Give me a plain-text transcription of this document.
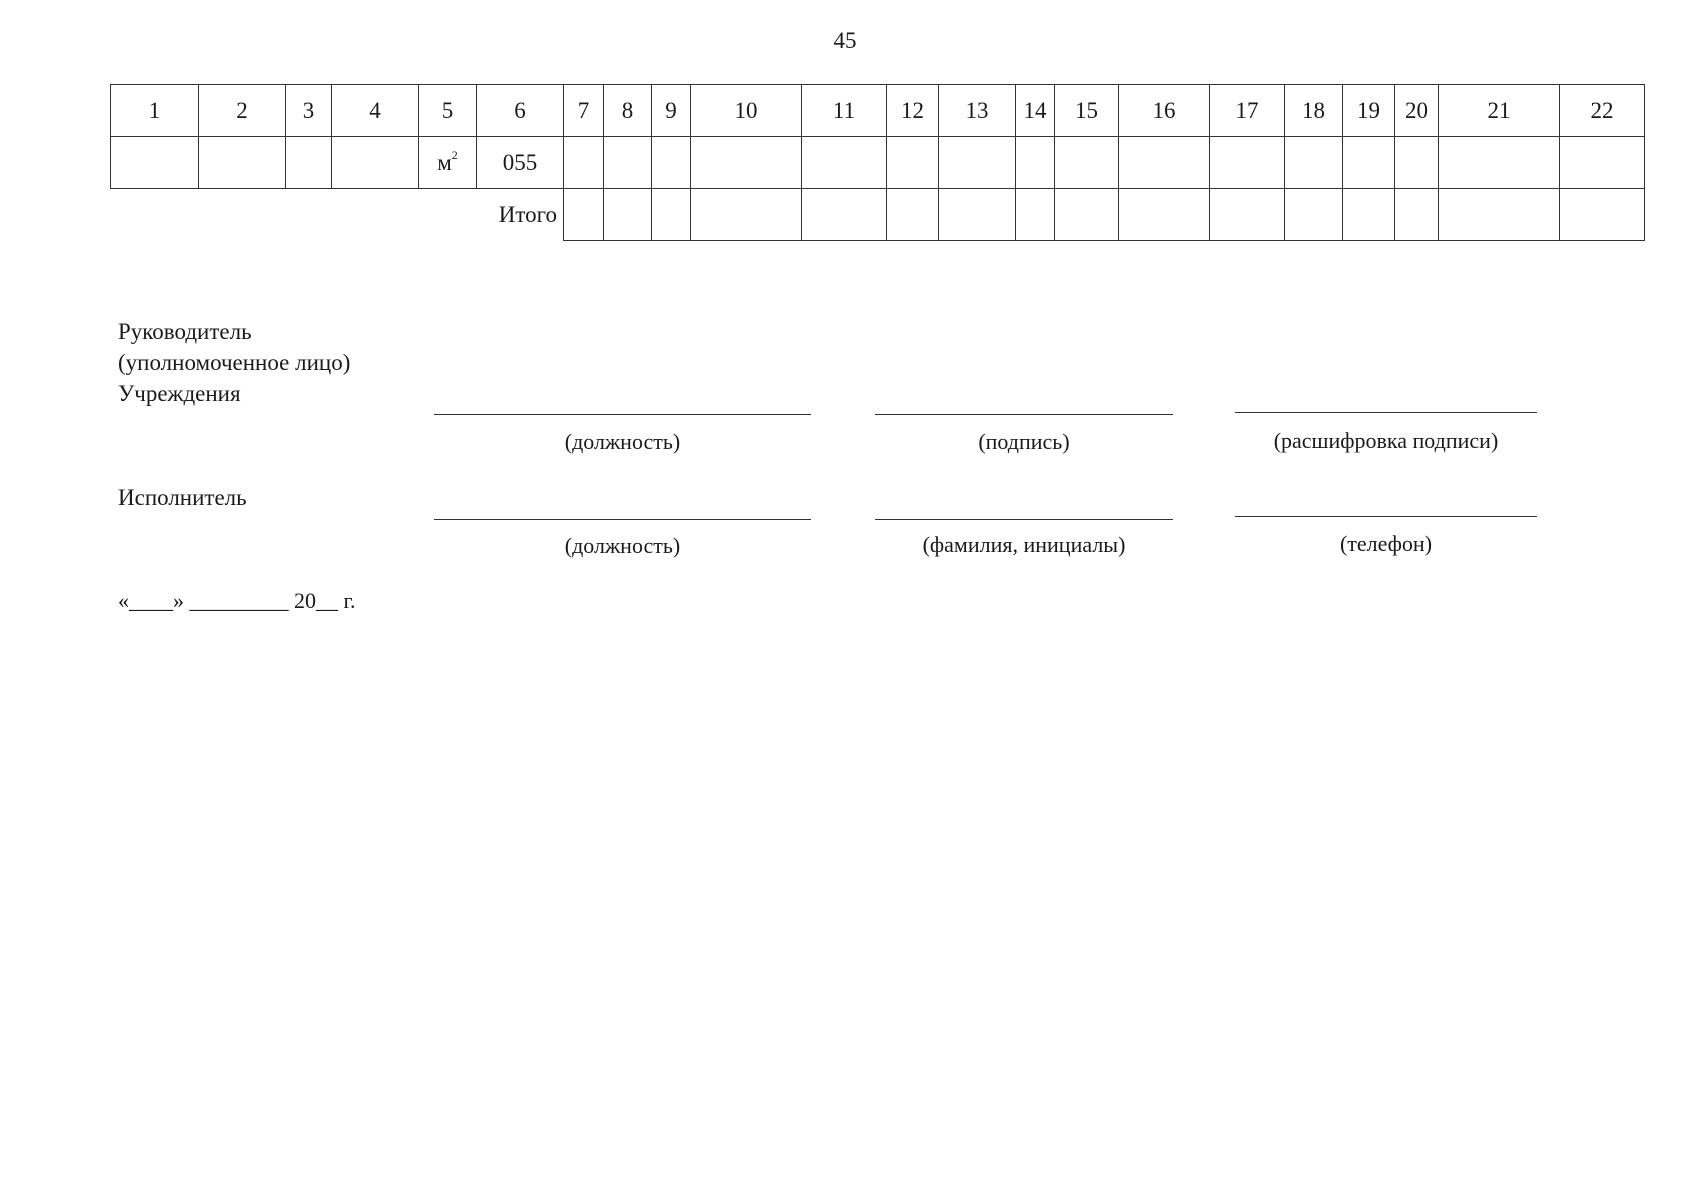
45
1	2	3	4	5	6	7	8	9	10	11	12	13	14	15	16	17	18	19	20	21	22
				$м^2$	055																
					Итого																
Руководитель
(уполномоченное лицо)
Учреждения
(должность)	(подпись)	(расшифровка подписи)
Исполнитель
(должность)	(фамилия, инициалы)	(телефон)
«____» _________ 20__ г.
